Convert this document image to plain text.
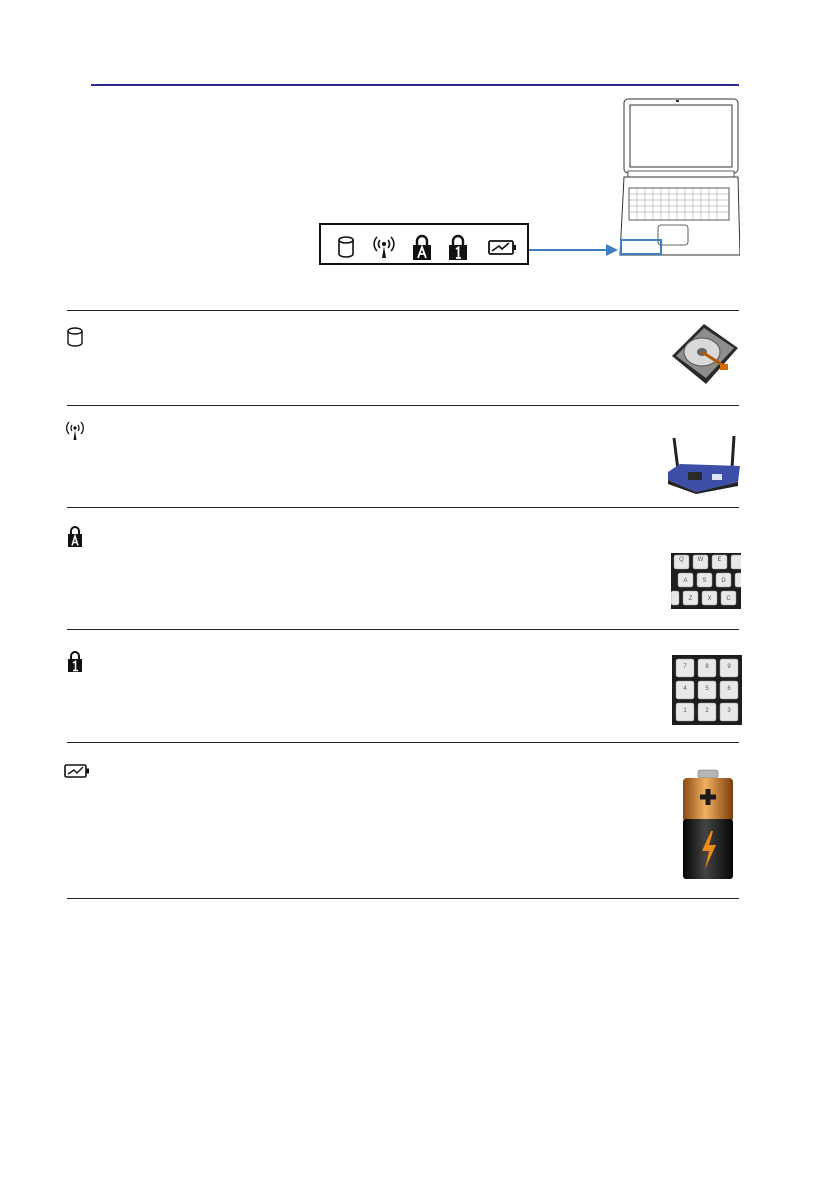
Q W E
A S D
Z	X C
7	8	9
4	5	6
1	2	3
